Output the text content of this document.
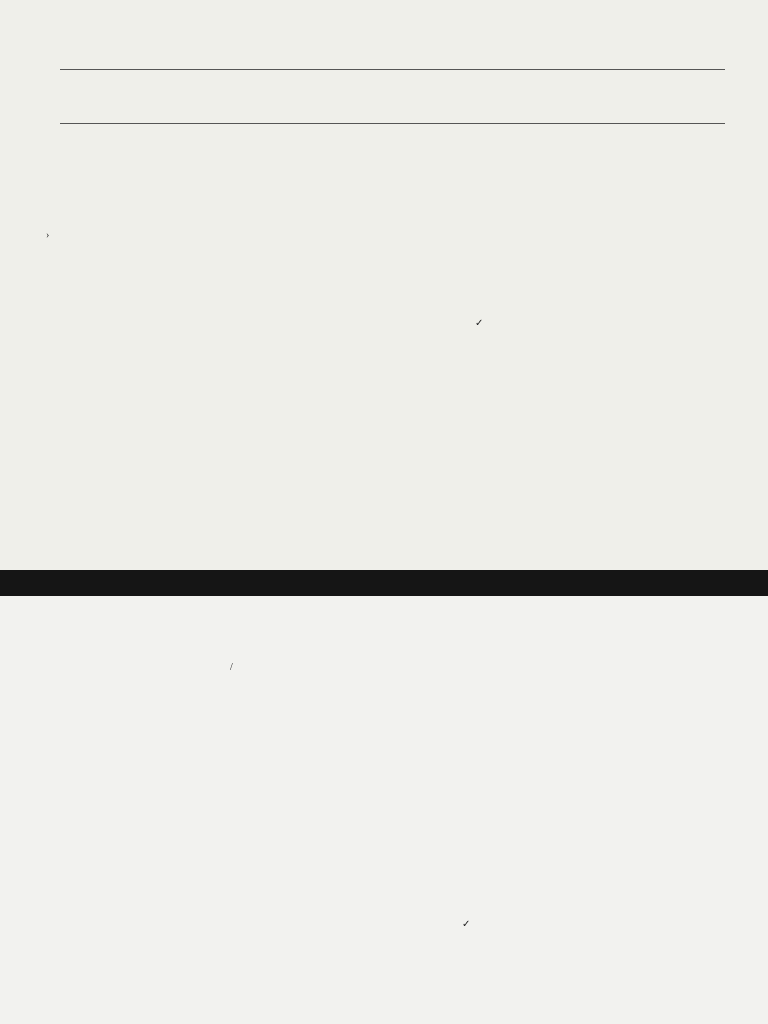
›
✓
/
✓
